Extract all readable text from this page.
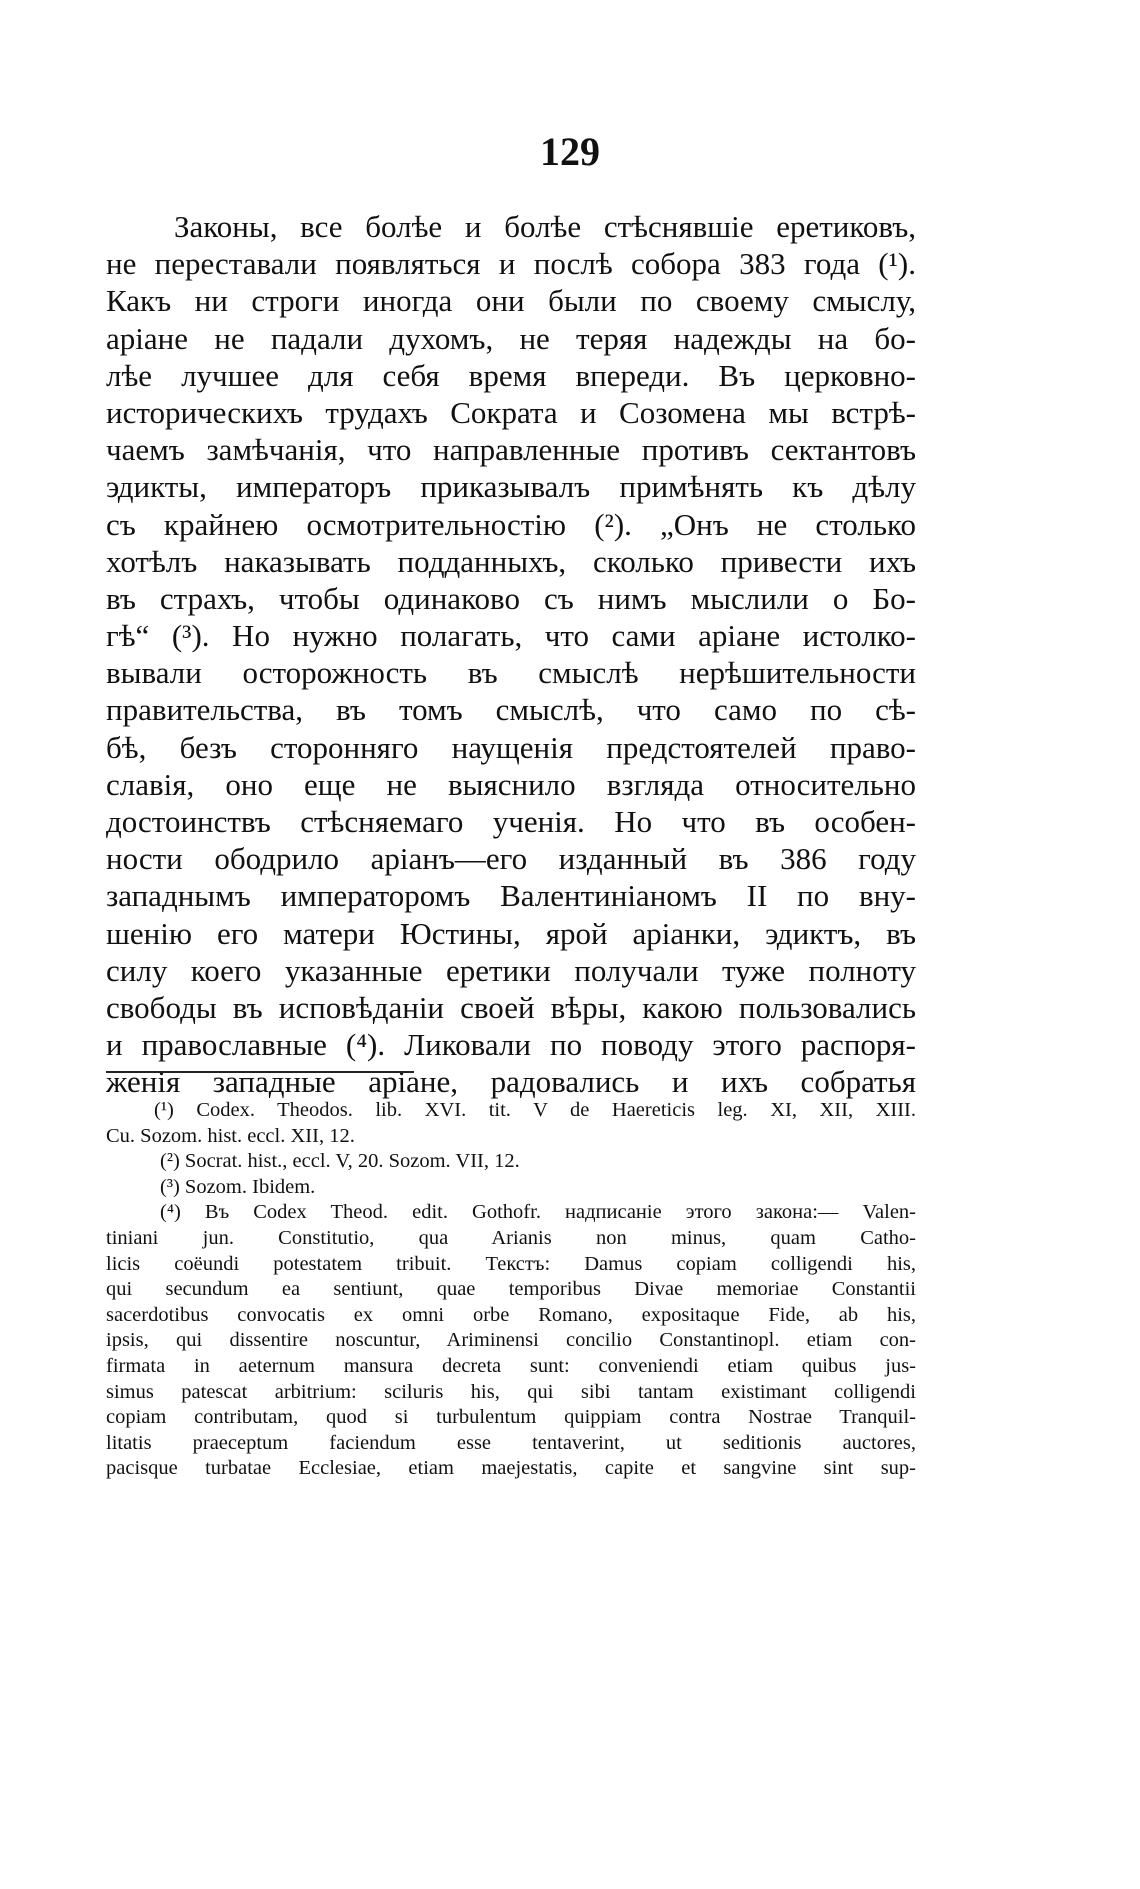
129
Законы, все болѣе и болѣе стѣснявшіе еретиковъ,
не переставали появляться и послѣ собора 383 года (¹).
Какъ ни строги иногда они были по своему смыслу,
аріане не падали духомъ, не теряя надежды на бо-
лѣе лучшее для себя время впереди. Въ церковно-
историческихъ трудахъ Сократа и Созомена мы встрѣ-
чаемъ замѣчанія, что направленные противъ сектантовъ
эдикты, императоръ приказывалъ примѣнять къ дѣлу
съ крайнею осмотрительностію (²). „Онъ не столько
хотѣлъ наказывать подданныхъ, сколько привести ихъ
въ страхъ, чтобы одинаково съ нимъ мыслили о Бо-
гѣ“ (³). Но нужно полагать, что сами аріане истолко-
вывали осторожность въ смыслѣ нерѣшительности
правительства, въ томъ смыслѣ, что само по сѣ-
бѣ, безъ сторонняго наущенія предстоятелей право-
славія, оно еще не выяснило взгляда относительно
достоинствъ стѣсняемаго ученія. Но что въ особен-
ности ободрило аріанъ—его изданный въ 386 году
западнымъ императоромъ Валентиніаномъ II по вну-
шенію его матери Юстины, ярой аріанки, эдиктъ, въ
силу коего указанные еретики получали туже полноту
свободы въ исповѣданіи своей вѣры, какою пользовались
и православные (⁴). Ликовали по поводу этого распоря-
женія западные аріане, радовались и ихъ собратья
(¹) Codex. Theodos. lib. XVI. tit. V de Haereticis leg. XI, XII, XIII.
Cu. Sozom. hist. eccl. XII, 12.
(²) Socrat. hist., eccl. V, 20. Sozom. VII, 12.
(³) Sozom. Ibidem.
(⁴) Въ Codex Theod. edit. Gothofr. надписаніе этого закона:— Valen-
tiniani jun. Constitutio, qua Arianis non minus, quam Catho-
licis coëundi potestatem tribuit. Текстъ: Damus copiam colligendi his,
qui secundum ea sentiunt, quae temporibus Divae memoriae Constantii
sacerdotibus convocatis ex omni orbe Romano, expositaque Fide, ab his,
ipsis, qui dissentire noscuntur, Ariminensi concilio Constantinopl. etiam con-
firmata in aeternum mansura decreta sunt: conveniendi etiam quibus jus-
simus patescat arbitrium: sciluris his, qui sibi tantam existimant colligendi
copiam contributam, quod si turbulentum quippiam contra Nostrae Tranquil-
litatis praeceptum faciendum esse tentaverint, ut seditionis auctores,
pacisque turbatae Ecclesiae, etiam maejestatis, capite et sangvine sint sup-
